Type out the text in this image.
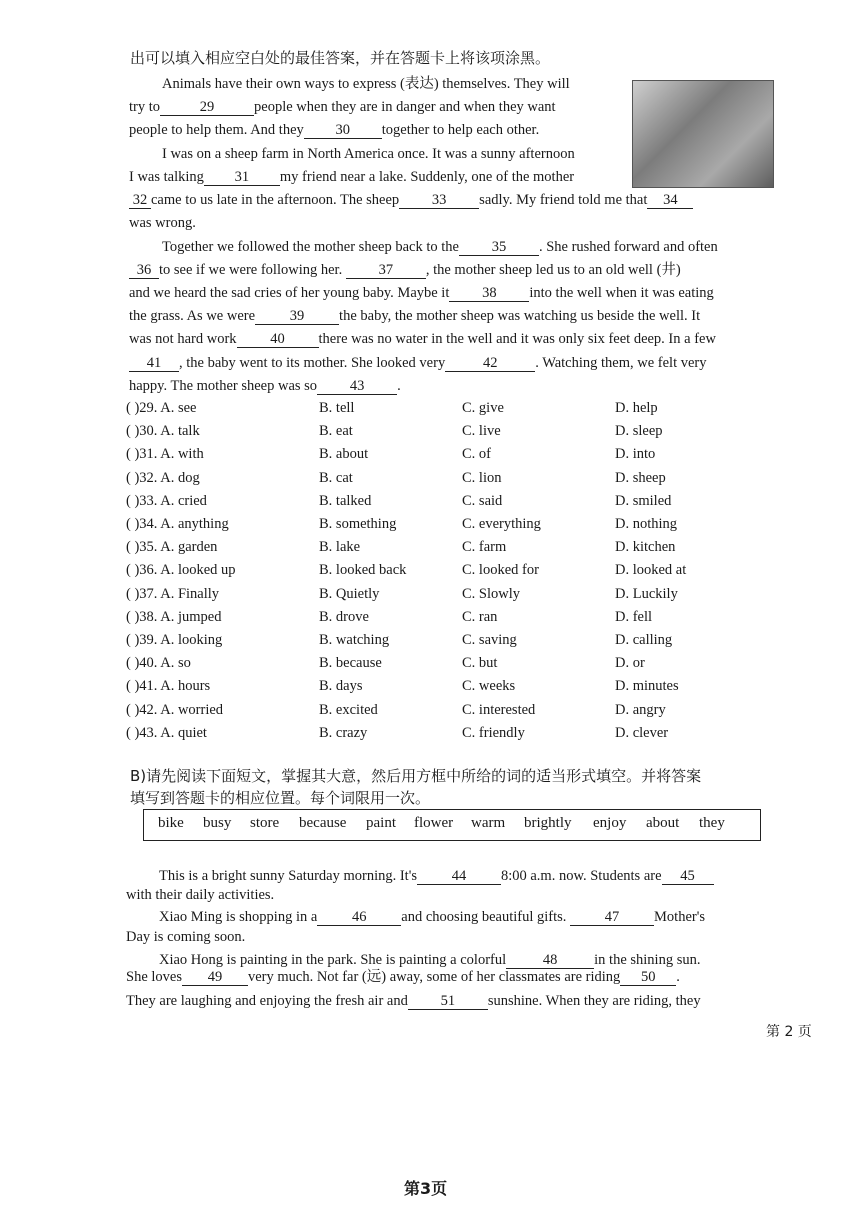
出可以填入相应空白处的最佳答案，并在答题卡上将该项涂黑。
Animals have their own ways to express (表达) themselves. They will
try to	29	people when they are in danger and when they want
people to help them. And they 30 together to help each other.
I was on a sheep farm in North America once. It was a sunny afternoon
I was talking 31 my friend near a lake. Suddenly, one of the mother
32 came to us late in the afternoon. The sheep 33 sadly. My friend told me that 34
was wrong.
Together we followed the mother sheep back to the 35 . She rushed forward and often
36 to see if we were following her.	37 , the mother sheep led us to an old well (井)
and we heard the sad cries of her young baby. Maybe it 38 into the well when it was eating
the grass. As we were 39 the baby, the mother sheep was watching us beside the well. It
was not hard work 40 there was no water in the well and it was only six feet deep. In a few
41 , the baby went to its mother. She looked very	42	. Watching them, we felt very
happy. The mother sheep was so 43 .
( )29. A. see	B. tell	C. give	D. help
( )30. A. talk	B. eat	C. live	D. sleep
( )31. A. with	B. about	C. of	D. into
( )32. A. dog	B. cat	C. lion	D. sheep
( )33. A. cried	B. talked	C. said	D. smiled
( )34. A. anything	B. something	C. everything	D. nothing
( )35. A. garden	B. lake	C. farm	D. kitchen
( )36. A. looked up	B. looked back	C. looked for	D. looked at
( )37. A. Finally	B. Quietly	C. Slowly	D. Luckily
( )38. A. jumped	B. drove	C. ran	D. fell
( )39. A. looking	B. watching	C. saving	D. calling
( )40. A. so	B. because	C. but	D. or
( )41. A. hours	B. days	C. weeks	D. minutes
( )42. A. worried	B. excited	C. interested	D. angry
( )43. A. quiet	B. crazy	C. friendly	D. clever
B)请先阅读下面短文，掌握其大意，然后用方框中所给的词的适当形式填空。并将答案
填写到答题卡的相应位置。每个词限用一次。
bike busy store because paint flower warm brightly enjoy about they
This is a bright sunny Saturday morning. It's 44 8:00 a.m. now. Students are 45
with their daily activities.
Xiao Ming is shopping in a 46 and choosing beautiful gifts.	47 Mother's
Day is coming soon.
Xiao Hong is painting in the park. She is painting a colorful	48	in the shining sun.
She loves 49 very much. Not far (远) away, some of her classmates are riding 50 .
They are laughing and enjoying the fresh air and 51 sunshine. When they are riding, they
第 2 页
第3页
